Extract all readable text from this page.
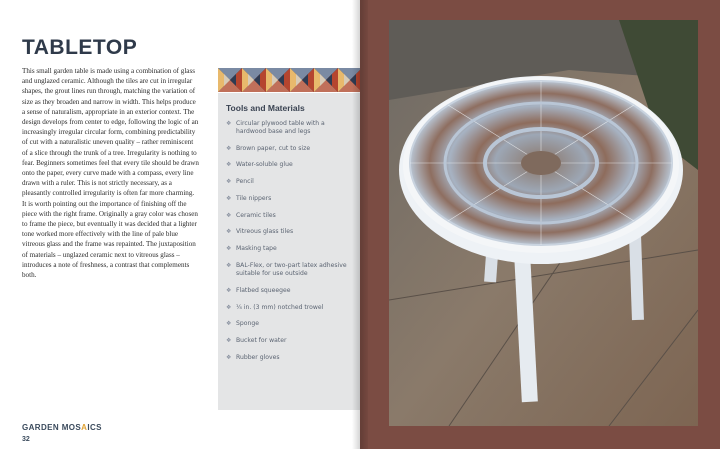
TABLETOP

This small garden table is made using a combination of glass and unglazed ceramic. Although the tiles are cut in irregular shapes, the grout lines run through, matching the variation of size as they broaden and narrow in width. This helps produce a sense of naturalism, appropriate in an exterior context. The design develops from center to edge, following the logic of an increasingly irregular circular form, combining predictability of cut with a naturalistic uneven quality – rather reminiscent of a slice through the trunk of a tree. Irregularity is nothing to fear. Beginners sometimes feel that every tile should be drawn onto the paper, every curve made with a compass, every line drawn with a ruler. This is not strictly necessary, as a pleasantly controlled irregularity is often far more charming. It is worth pointing out the importance of finishing off the piece with the right frame. Originally a gray color was chosen to frame the piece, but eventually it was decided that a lighter tone worked more effectively with the line of pale blue vitreous glass and the frame was repainted. The juxtaposition of materials – unglazed ceramic next to vitreous glass – introduces a note of freshness, a contrast that complements both.

Tools and Materials
❖ Circular plywood table with a hardwood base and legs
❖ Brown paper, cut to size
❖ Water-soluble glue
❖ Pencil
❖ Tile nippers
❖ Ceramic tiles
❖ Vitreous glass tiles
❖ Masking tape
❖ BAL-Flex, or two-part latex adhesive suitable for use outside
❖ Flatbed squeegee
❖ ¼ in. (3 mm) notched trowel
❖ Sponge
❖ Bucket for water
❖ Rubber gloves
GARDEN MOSAICS
32
